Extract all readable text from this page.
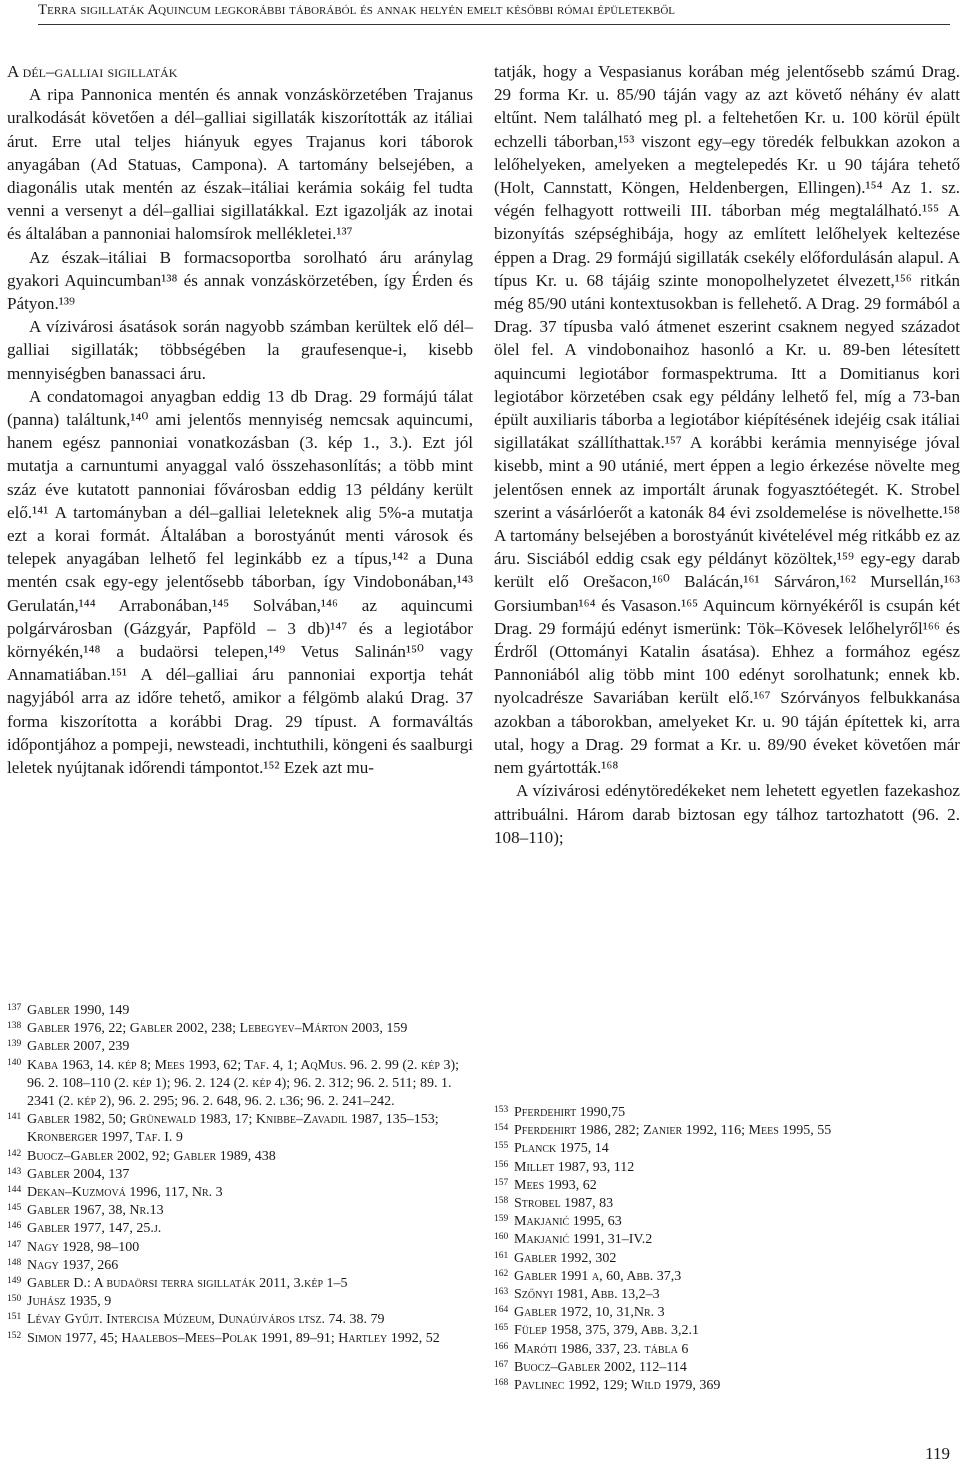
Terra sigillaták Aquincum legkorábbi táborából és annak helyén emelt későbbi római épületekből

A dél–galliai sigillaták

A ripa Pannonica mentén és annak vonzáskörzetében Trajanus uralkodását követően a dél–galliai sigillaták kiszorították az itáliai árut. Erre utal teljes hiányuk egyes Trajanus kori táborok anyagában (Ad Statuas, Campona). A tartomány belsejében, a diagonális utak mentén az észak–itáliai kerámia sokáig fel tudta venni a versenyt a dél–galliai sigillatákkal. Ezt igazolják az inotai és általában a pannoniai halomsírok mellékletei.¹³⁷

Az észak–itáliai B formacsoportba sorolható áru aránylag gyakori Aquincumban¹³⁸ és annak vonzáskörzetében, így Érden és Pátyon.¹³⁹

A vízivárosi ásatások során nagyobb számban kerültek elő dél–galliai sigillaták; többségében la graufesenque-i, kisebb mennyiségben banassaci áru.

A condatomagoi anyagban eddig 13 db Drag. 29 formájú tálat (panna) találtunk,¹⁴⁰ ami jelentős mennyiség nemcsak aquincumi, hanem egész pannoniai vonatkozásban (3. kép 1., 3.). Ezt jól mutatja a carnuntumi anyaggal való összehasonlítás; a több mint száz éve kutatott pannoniai fővárosban eddig 13 példány került elő.¹⁴¹ A tartományban a dél–galliai leleteknek alig 5%-a mutatja ezt a korai formát. Általában a borostyánút menti városok és telepek anyagában lelhető fel leginkább ez a típus,¹⁴² a Duna mentén csak egy-egy jelentősebb táborban, így Vindobonában,¹⁴³ Gerulatán,¹⁴⁴ Arrabonában,¹⁴⁵ Solvában,¹⁴⁶ az aquincumi polgárvárosban (Gázgyár, Papföld – 3 db)¹⁴⁷ és a legiotábor környékén,¹⁴⁸ a budaörsi telepen,¹⁴⁹ Vetus Salinán¹⁵⁰ vagy Annamatiában.¹⁵¹ A dél–galliai áru pannoniai exportja tehát nagyjából arra az időre tehető, amikor a félgömb alakú Drag. 37 forma kiszorította a korábbi Drag. 29 típust. A formaváltás időpontjához a pompeji, newsteadi, inchtuthili, köngeni és saalburgi leletek nyújtanak időrendi támpontot.¹⁵² Ezek azt mu-

tatják, hogy a Vespasianus korában még jelentősebb számú Drag. 29 forma Kr. u. 85/90 táján vagy az azt követő néhány év alatt eltűnt. Nem található meg pl. a feltehetően Kr. u. 100 körül épült echzelli táborban,¹⁵³ viszont egy–egy töredék felbukkan azokon a lelőhelyeken, amelyeken a megtelepedés Kr. u 90 tájára tehető (Holt, Cannstatt, Köngen, Heldenbergen, Ellingen).¹⁵⁴ Az 1. sz. végén felhagyott rottweili III. táborban még megtalálható.¹⁵⁵ A bizonyítás szépséghibája, hogy az említett lelőhelyek keltezése éppen a Drag. 29 formájú sigillaták csekély előfordulásán alapul. A típus Kr. u. 68 tájáig szinte monopolhelyzetet élvezett,¹⁵⁶ ritkán még 85/90 utáni kontextusokban is fellehető. A Drag. 29 formából a Drag. 37 típusba való átmenet eszerint csaknem negyed századot ölel fel. A vindobonaihoz hasonló a Kr. u. 89-ben létesített aquincumi legiotábor formaspektruma. Itt a Domitianus kori legiotábor körzetében csak egy példány lelhető fel, míg a 73-ban épült auxiliaris táborba a legiotábor kiépítésének idejéig csak itáliai sigillatákat szállíthattak.¹⁵⁷ A korábbi kerámia mennyisége jóval kisebb, mint a 90 utánié, mert éppen a legio érkezése növelte meg jelentősen ennek az importált árunak fogyasztóétegét. K. Strobel szerint a vásárlóerőt a katonák 84 évi zsoldemelése is növelhette.¹⁵⁸ A tartomány belsejében a borostyánút kivételével még ritkább ez az áru. Sisciából eddig csak egy példányt közöltek,¹⁵⁹ egy-egy darab került elő Orešacon,¹⁶⁰ Balácán,¹⁶¹ Sárváron,¹⁶² Mursellán,¹⁶³ Gorsiumban¹⁶⁴ és Vasason.¹⁶⁵ Aquincum környékéről is csupán két Drag. 29 formájú edényt ismerünk: Tök–Kövesek lelőhelyről¹⁶⁶ és Érdről (Ottományi Katalin ásatása). Ehhez a formához egész Pannoniából alig több mint 100 edényt sorolhatunk; ennek kb. nyolcadrésze Savariában került elő.¹⁶⁷ Szórványos felbukkanása azokban a táborokban, amelyeket Kr. u. 90 táján építettek ki, arra utal, hogy a Drag. 29 format a Kr. u. 89/90 éveket követően már nem gyártották.¹⁶⁸

A vízivárosi edénytöredékeket nem lehetett egyetlen fazekashoz attribuálni. Három darab biztosan egy tálhoz tartozhatott (96. 2. 108–110);

137 Gabler 1990, 149
138 Gabler 1976, 22; Gabler 2002, 238; Lebegyev–Márton 2003, 159
139 Gabler 2007, 239
140 Kaba 1963, 14. kép 8; Mees 1993, 62; Taf. 4, 1; AqMus. 96. 2. 99 (2. kép 3); 96. 2. 108–110 (2. kép 1); 96. 2. 124 (2. kép 4); 96. 2. 312; 96. 2. 511; 89. 1. 2341 (2. kép 2), 96. 2. 295; 96. 2. 648, 96. 2. l36; 96. 2. 241–242.
141 Gabler 1982, 50; Grünewald 1983, 17; Knibbe–Zavadil 1987, 135–153; Kronberger 1997, Taf. I. 9
142 Buocz–Gabler 2002, 92; Gabler 1989, 438
143 Gabler 2004, 137
144 Dekan–Kuzmová 1996, 117, Nr. 3
145 Gabler 1967, 38, Nr.13
146 Gabler 1977, 147, 25.j.
147 Nagy 1928, 98–100
148 Nagy 1937, 266
149 Gabler D.: A budaörsi terra sigillaták 2011, 3.kép 1–5
150 Juhász 1935, 9
151 Lévay Gyűjt. Intercisa Múzeum, Dunaújváros ltsz. 74. 38. 79
152 Simon 1977, 45; Haalebos–Mees–Polak 1991, 89–91; Hartley 1992, 52
153 Pferdehirt 1990,75
154 Pferdehirt 1986, 282; Zanier 1992, 116; Mees 1995, 55
155 Planck 1975, 14
156 Millet 1987, 93, 112
157 Mees 1993, 62
158 Strobel 1987, 83
159 Makjanić 1995, 63
160 Makjanić 1991, 31–IV.2
161 Gabler 1992, 302
162 Gabler 1991 a, 60, Abb. 37,3
163 Szőnyi 1981, Abb. 13,2–3
164 Gabler 1972, 10, 31,Nr. 3
165 Fülep 1958, 375, 379, Abb. 3,2.1
166 Maróti 1986, 337, 23. tábla 6
167 Buocz–Gabler 2002, 112–114
168 Pavlinec 1992, 129; Wild 1979, 369
119
